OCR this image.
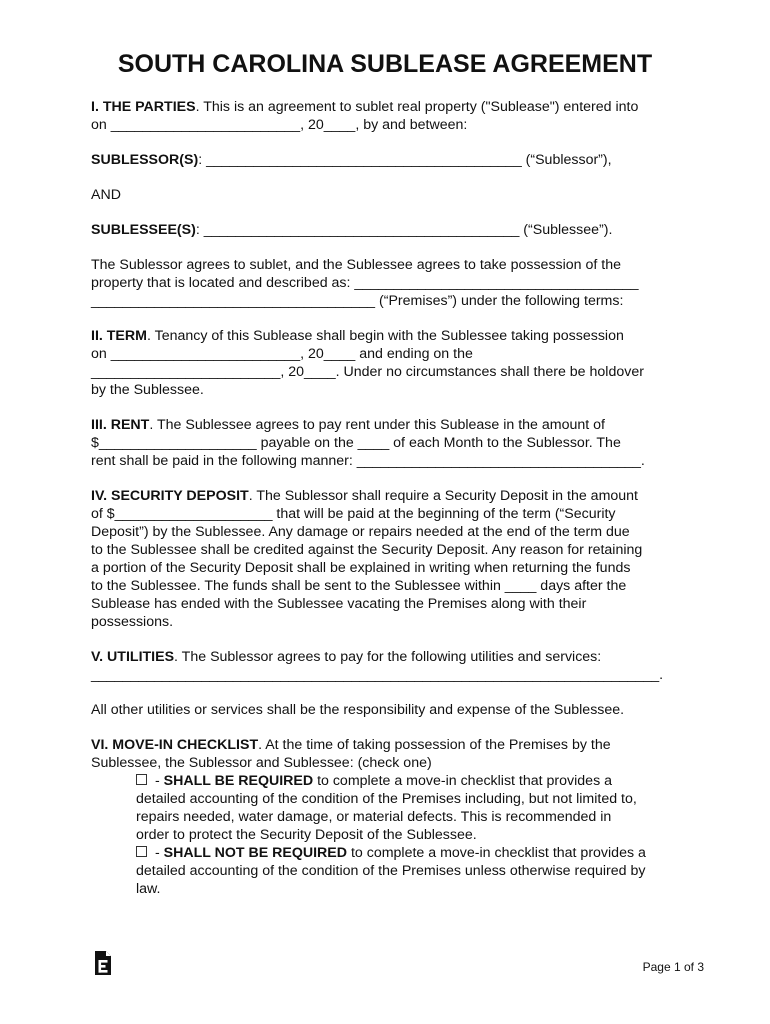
SOUTH CAROLINA SUBLEASE AGREEMENT

I. THE PARTIES. This is an agreement to sublet real property ("Sublease") entered into

on ________________________, 20____, by and between:

SUBLESSOR(S): ________________________________________ (“Sublessor”),

AND

SUBLESSEE(S): ________________________________________ (“Sublessee”).

The Sublessor agrees to sublet, and the Sublessee agrees to take possession of the

property that is located and described as: ____________________________________

____________________________________ (“Premises”) under the following terms:

II. TERM. Tenancy of this Sublease shall begin with the Sublessee taking possession

on ________________________, 20____ and ending on the

________________________, 20____. Under no circumstances shall there be holdover

by the Sublessee.

III. RENT. The Sublessee agrees to pay rent under this Sublease in the amount of

$____________________ payable on the ____ of each Month to the Sublessor. The

rent shall be paid in the following manner: ____________________________________.

IV. SECURITY DEPOSIT. The Sublessor shall require a Security Deposit in the amount

of $____________________ that will be paid at the beginning of the term (“Security

Deposit”) by the Sublessee. Any damage or repairs needed at the end of the term due

to the Sublessee shall be credited against the Security Deposit. Any reason for retaining

a portion of the Security Deposit shall be explained in writing when returning the funds

to the Sublessee. The funds shall be sent to the Sublessee within ____ days after the

Sublease has ended with the Sublessee vacating the Premises along with their

possessions.

V. UTILITIES. The Sublessor agrees to pay for the following utilities and services:

________________________________________________________________________.

All other utilities or services shall be the responsibility and expense of the Sublessee.

VI. MOVE-IN CHECKLIST. At the time of taking possession of the Premises by the

Sublessee, the Sublessor and Sublessee: (check one)

- SHALL BE REQUIRED to complete a move-in checklist that provides a

detailed accounting of the condition of the Premises including, but not limited to,

repairs needed, water damage, or material defects. This is recommended in

order to protect the Security Deposit of the Sublessee.

- SHALL NOT BE REQUIRED to complete a move-in checklist that provides a

detailed accounting of the condition of the Premises unless otherwise required by

law.

Page 1 of 3
